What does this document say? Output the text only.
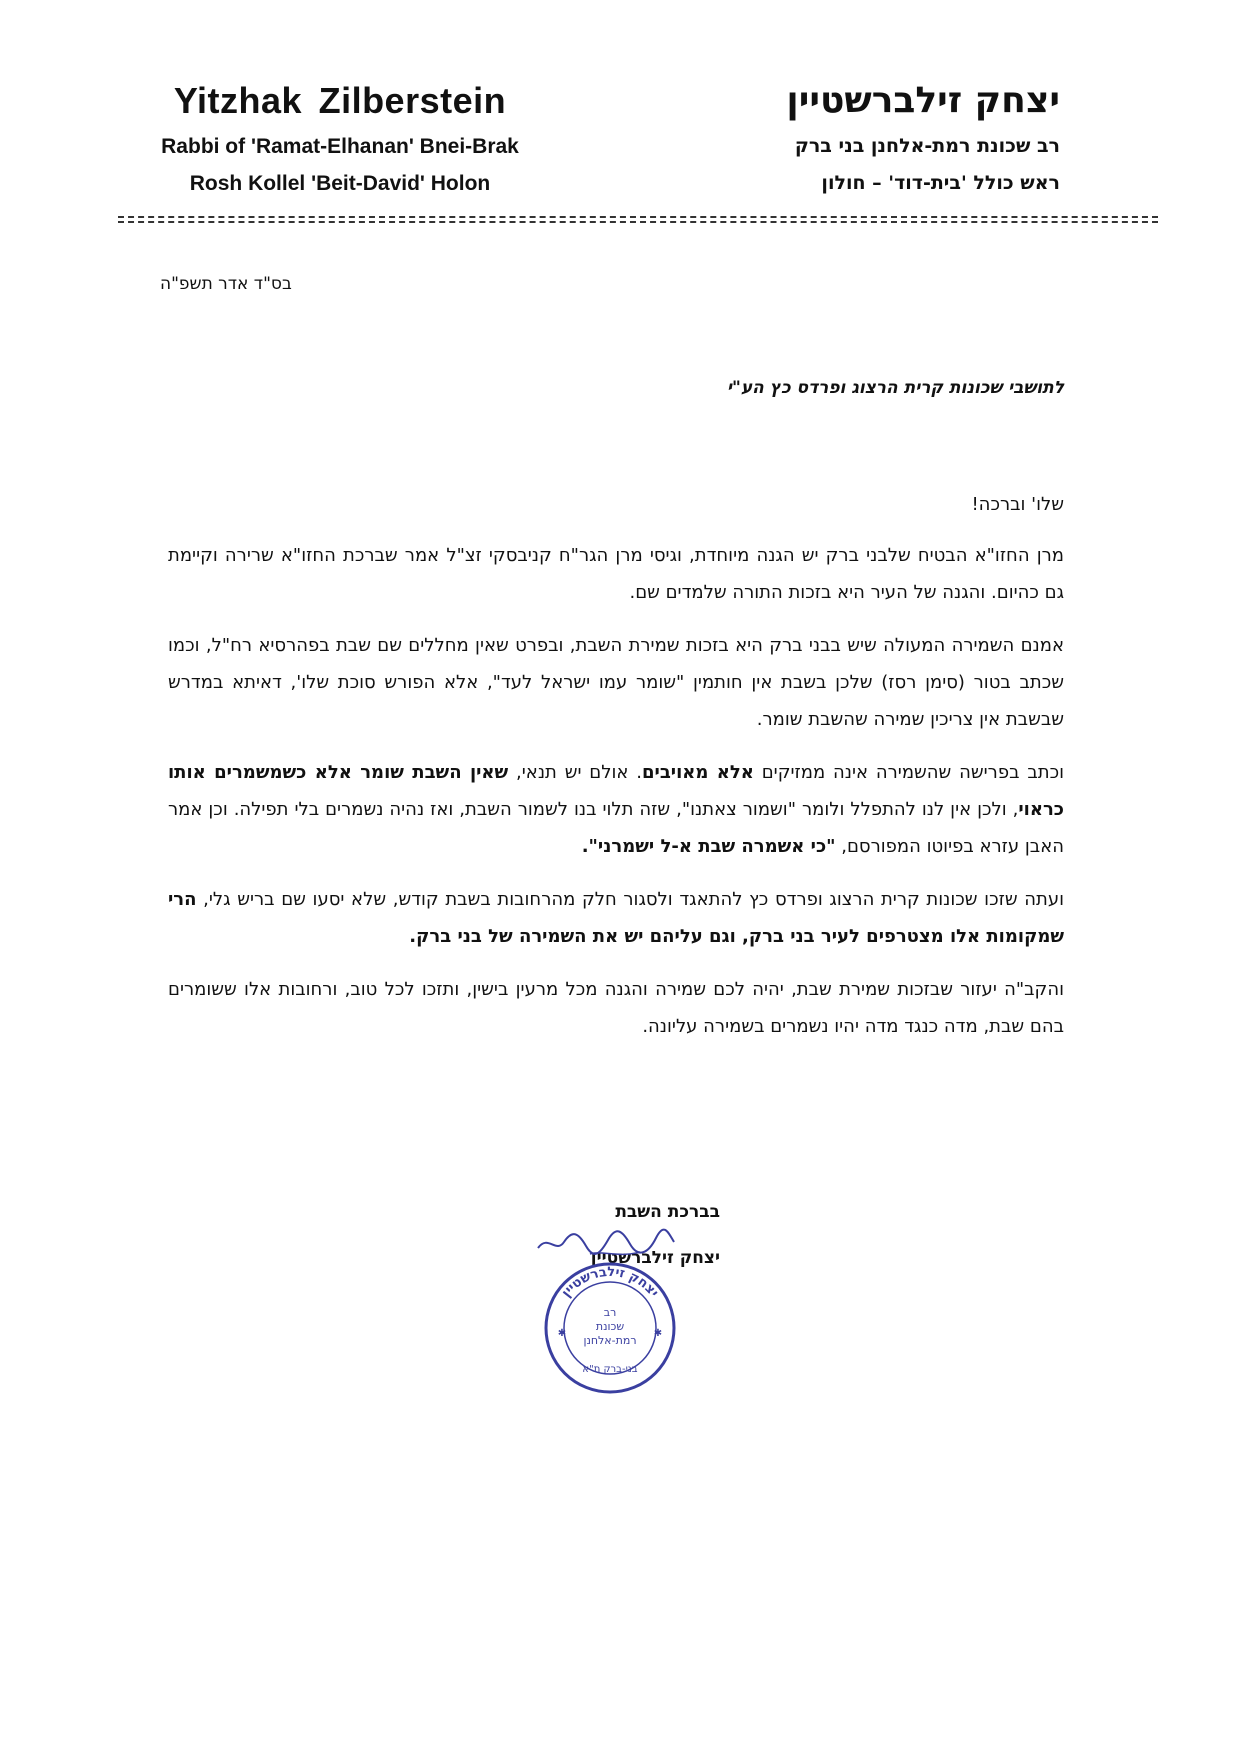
Yitzhak Zilberstein
Rabbi of 'Ramat-Elhanan' Bnei-Brak
Rosh Kollel 'Beit-David' Holon
יצחק זילברשטיין
רב שכונת רמת-אלחנן בני ברק
ראש כולל 'בית-דוד' – חולון
בס"ד אדר תשפ"ה
לתושבי שכונות קרית הרצוג ופרדס כץ הע"י

שלו' וברכה!

מרן החזו"א הבטיח שלבני ברק יש הגנה מיוחדת, וגיסי מרן הגר"ח קניבסקי זצ"ל אמר שברכת החזו"א שרירה וקיימת גם כהיום. והגנה של העיר היא בזכות התורה שלמדים שם.

אמנם השמירה המעולה שיש בבני ברק היא בזכות שמירת השבת, ובפרט שאין מחללים שם שבת בפהרסיא רח"ל, וכמו שכתב בטור (סימן רסז) שלכן בשבת אין חותמין "שומר עמו ישראל לעד", אלא הפורש סוכת שלו', דאיתא במדרש שבשבת אין צריכין שמירה שהשבת שומר.

וכתב בפרישה שהשמירה אינה ממזיקים אלא מאויבים. אולם יש תנאי, שאין השבת שומר אלא כשמשמרים אותו כראוי, ולכן אין לנו להתפלל ולומר "ושמור צאתנו", שזה תלוי בנו לשמור השבת, ואז נהיה נשמרים בלי תפילה. וכן אמר האבן עזרא בפיוטו המפורסם, "כי אשמרה שבת א-ל ישמרני".

ועתה שזכו שכונות קרית הרצוג ופרדס כץ להתאגד ולסגור חלק מהרחובות בשבת קודש, שלא יסעו שם בריש גלי, הרי שמקומות אלו מצטרפים לעיר בני ברק, וגם עליהם יש את השמירה של בני ברק.

והקב"ה יעזור שבזכות שמירת שבת, יהיה לכם שמירה והגנה מכל מרעין בישין, ותזכו לכל טוב, ורחובות אלו ששומרים בהם שבת, מדה כנגד מדה יהיו נשמרים בשמירה עליונה.

בברכת השבת
יצחק זילברשטיין
יצחק זילברשטיין
רב
שכונת
רמת-אלחנן
בני-ברק ת"א
✱	✱
